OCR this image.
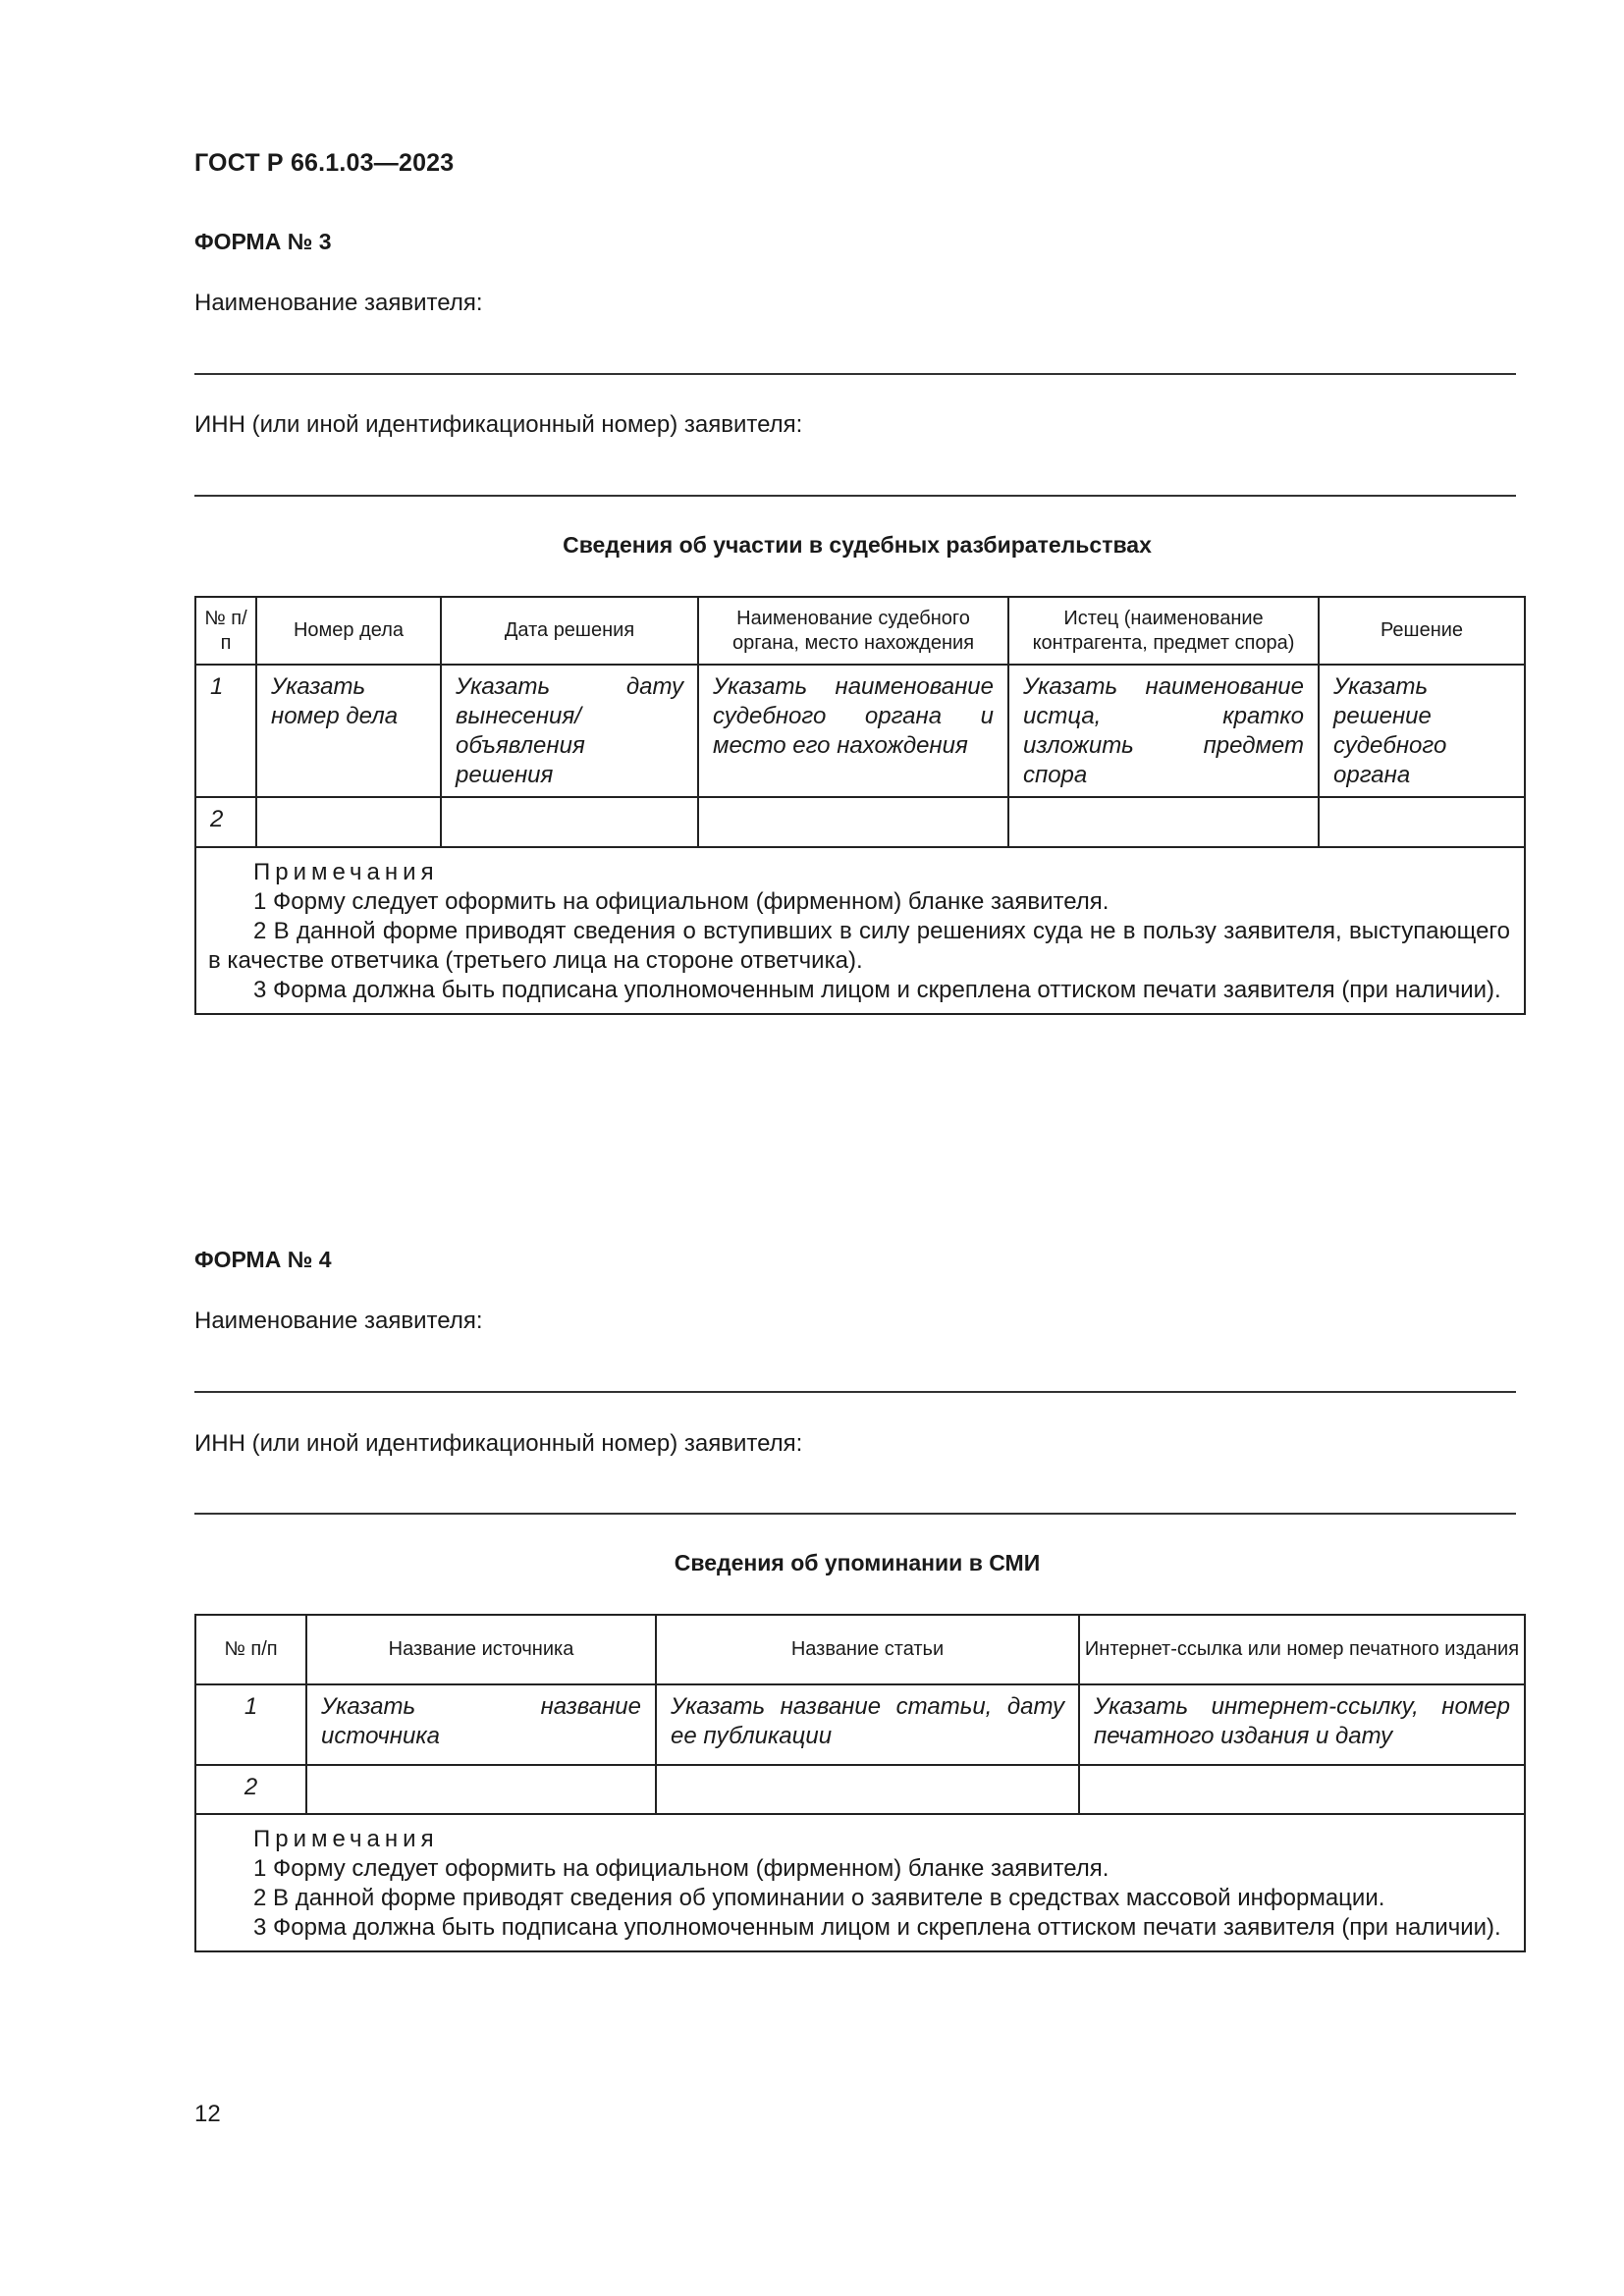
ГОСТ Р 66.1.03—2023
ФОРМА № 3
Наименование заявителя:
ИНН (или иной идентификационный номер) заявителя:
Сведения об участии в судебных разбирательствах
№ п/п	Номер дела	Дата решения	Наименование судебного органа, место нахождения	Истец (наименование контрагента, предмет спора)	Решение
1	Указать номер дела	Указать дату вынесения/объявления решения	Указать наименование судебного органа и место его нахождения	Указать наименование истца, кратко изложить предмет спора	Указать решение судебного органа
2					

Примечания
1 Форму следует оформить на официальном (фирменном) бланке заявителя.
2 В данной форме приводят сведения о вступивших в силу решениях суда не в пользу заявителя, выступающего в качестве ответчика (третьего лица на стороне ответчика).
3 Форма должна быть подписана уполномоченным лицом и скреплена оттиском печати заявителя (при наличии).					
ФОРМА № 4
Наименование заявителя:
ИНН (или иной идентификационный номер) заявителя:
Сведения об упоминании в СМИ
№ п/п	Название источника	Название статьи	Интернет-ссылка или номер печатного издания
1	Указать название источника	Указать название статьи, дату ее публикации	Указать интернет-ссылку, номер печатного издания и дату
2			

Примечания
1 Форму следует оформить на официальном (фирменном) бланке заявителя.
2 В данной форме приводят сведения об упоминании о заявителе в средствах массовой информации.
3 Форма должна быть подписана уполномоченным лицом и скреплена оттиском печати заявителя (при наличии).			
12
